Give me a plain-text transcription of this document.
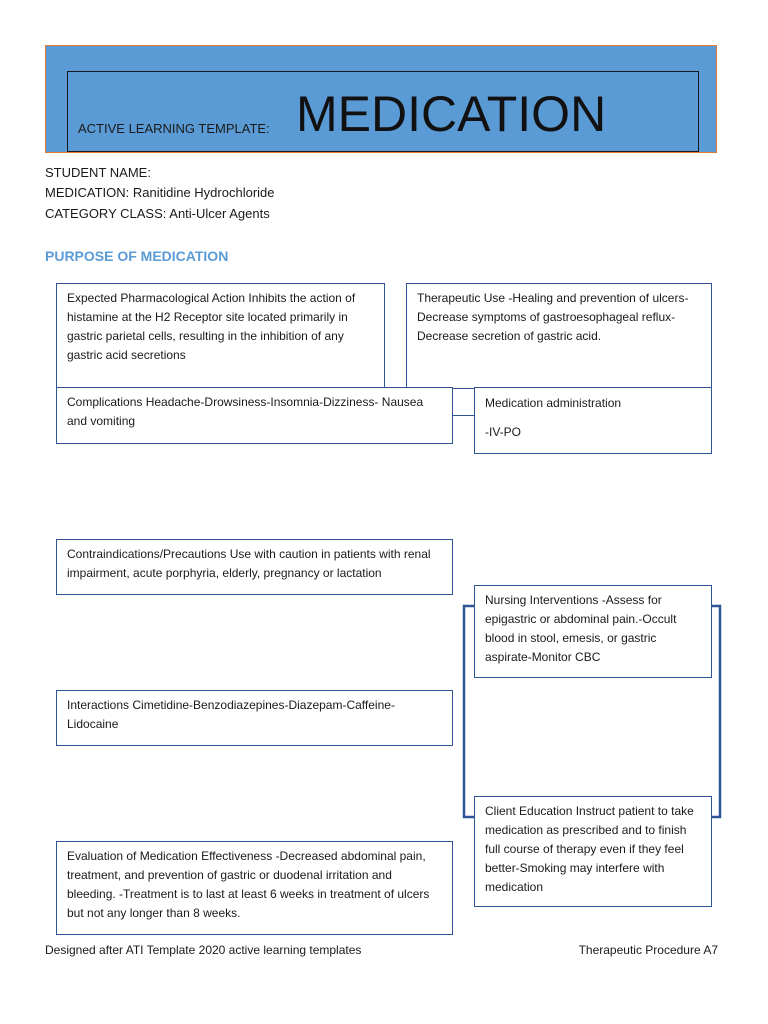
ACTIVE LEARNING TEMPLATE: MEDICATION
STUDENT NAME:
MEDICATION: Ranitidine Hydrochloride
CATEGORY CLASS: Anti-Ulcer Agents
PURPOSE OF MEDICATION
Expected Pharmacological Action Inhibits the action of histamine at the H2 Receptor site located primarily in gastric parietal cells, resulting in the inhibition of any gastric acid secretions
Therapeutic Use -Healing and prevention of ulcers-Decrease symptoms of gastroesophageal reflux-Decrease secretion of gastric acid.
Complications Headache-Drowsiness-Insomnia-Dizziness- Nausea and vomiting
Medication administration
-IV-PO
Contraindications/Precautions Use with caution in patients with renal impairment, acute porphyria, elderly, pregnancy or lactation
Nursing Interventions -Assess for epigastric or abdominal pain.-Occult blood in stool, emesis, or gastric aspirate-Monitor CBC
Interactions Cimetidine-Benzodiazepines-Diazepam-Caffeine-Lidocaine
Client Education Instruct patient to take medication as prescribed and to finish full course of therapy even if they feel better-Smoking may interfere with medication
Evaluation of Medication Effectiveness -Decreased abdominal pain, treatment, and prevention of gastric or duodenal irritation and bleeding. -Treatment is to last at least 6 weeks in treatment of ulcers but not any longer than 8 weeks.
Designed after ATI Template 2020 active learning templates	Therapeutic Procedure A7
